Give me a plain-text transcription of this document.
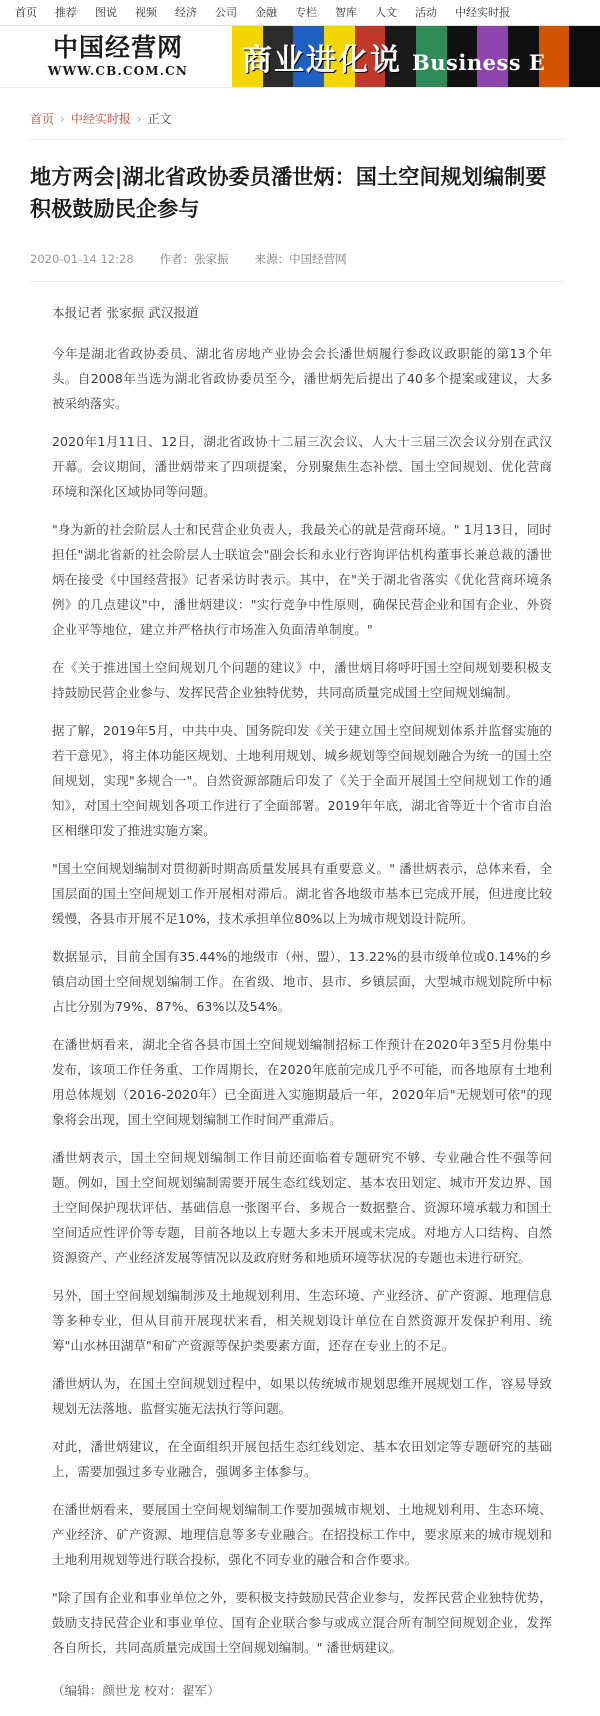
首页	推荐	图说	视频	经济	公司	金融	专栏	智库	人文	活动	中经实时报
中国经营网
WWW.CB.COM.CN 商业进化说 Business E
首页 › 中经实时报 › 正文
地方两会|湖北省政协委员潘世炳：国土空间规划编制要积极鼓励民企参与
2020-01-14 12:28 作者：张家振 来源：中国经营网

本报记者 张家振 武汉报道

今年是湖北省政协委员、湖北省房地产业协会会长潘世炳履行参政议政职能的第13个年头。自2008年当选为湖北省政协委员至今，潘世炳先后提出了40多个提案或建议，大多被采纳落实。

2020年1月11日、12日，湖北省政协十二届三次会议、人大十三届三次会议分别在武汉开幕。会议期间，潘世炳带来了四项提案，分别聚焦生态补偿、国土空间规划、优化营商环境和深化区域协同等问题。

"身为新的社会阶层人士和民营企业负责人，我最关心的就是营商环境。" 1月13日，同时担任"湖北省新的社会阶层人士联谊会"副会长和永业行咨询评估机构董事长兼总裁的潘世炳在接受《中国经营报》记者采访时表示。其中，在"关于湖北省落实《优化营商环境条例》的几点建议"中，潘世炳建议："实行竞争中性原则，确保民营企业和国有企业、外资企业平等地位，建立并严格执行市场准入负面清单制度。"

在《关于推进国土空间规划几个问题的建议》中，潘世炳目将呼吁国土空间规划要积极支持鼓励民营企业参与、发挥民营企业独特优势，共同高质量完成国土空间规划编制。

据了解，2019年5月，中共中央、国务院印发《关于建立国土空间规划体系并监督实施的若干意见》，将主体功能区规划、土地利用规划、城乡规划等空间规划融合为统一的国土空间规划，实现"多规合一"。自然资源部随后印发了《关于全面开展国土空间规划工作的通知》，对国土空间规划各项工作进行了全面部署。2019年年底，湖北省等近十个省市自治区相继印发了推进实施方案。

"国土空间规划编制对贯彻新时期高质量发展具有重要意义。" 潘世炳表示，总体来看，全国层面的国土空间规划工作开展相对滞后。湖北省各地级市基本已完成开展，但进度比较缓慢，各县市开展不足10%，技术承担单位80%以上为城市规划设计院所。

数据显示，目前全国有35.44%的地级市（州、盟）、13.22%的县市级单位或0.14%的乡镇启动国土空间规划编制工作。在省级、地市、县市、乡镇层面，大型城市规划院所中标占比分别为79%、87%、63%以及54%。

在潘世炳看来，湖北全省各县市国土空间规划编制招标工作预计在2020年3至5月份集中发布，该项工作任务重、工作周期长，在2020年底前完成几乎不可能，而各地原有土地利用总体规划（2016-2020年）已全面进入实施期最后一年，2020年后"无规划可依"的现象将会出现，国土空间规划编制工作时间严重滞后。

潘世炳表示，国土空间规划编制工作目前还面临着专题研究不够、专业融合性不强等问题。例如，国土空间规划编制需要开展生态红线划定、基本农田划定、城市开发边界、国土空间保护现状评估、基础信息一张图平台、多规合一数据整合、资源环境承载力和国土空间适应性评价等专题，目前各地以上专题大多未开展或未完成。对地方人口结构、自然资源资产、产业经济发展等情况以及政府财务和地质环境等状况的专题也未进行研究。

另外，国土空间规划编制涉及土地规划利用、生态环境、产业经济、矿产资源、地理信息等多种专业，但从目前开展现状来看，相关规划设计单位在自然资源开发保护利用、统筹"山水林田湖草"和矿产资源等保护类要素方面，还存在专业上的不足。

潘世炳认为，在国土空间规划过程中，如果以传统城市规划思维开展规划工作，容易导致规划无法落地、监督实施无法执行等问题。

对此，潘世炳建议，在全面组织开展包括生态红线划定、基本农田划定等专题研究的基础上，需要加强过多专业融合，强调多主体参与。

在潘世炳看来，要展国土空间规划编制工作要加强城市规划、土地规划利用、生态环境、产业经济、矿产资源、地理信息等多专业融合。在招投标工作中，要求原来的城市规划和土地利用规划等进行联合投标，强化不同专业的融合和合作要求。

"除了国有企业和事业单位之外，要积极支持鼓励民营企业参与，发挥民营企业独特优势，鼓励支持民营企业和事业单位、国有企业联合参与或成立混合所有制空间规划企业，发挥各自所长，共同高质量完成国土空间规划编制。" 潘世炳建议。

（编辑：颜世龙 校对：翟军）
